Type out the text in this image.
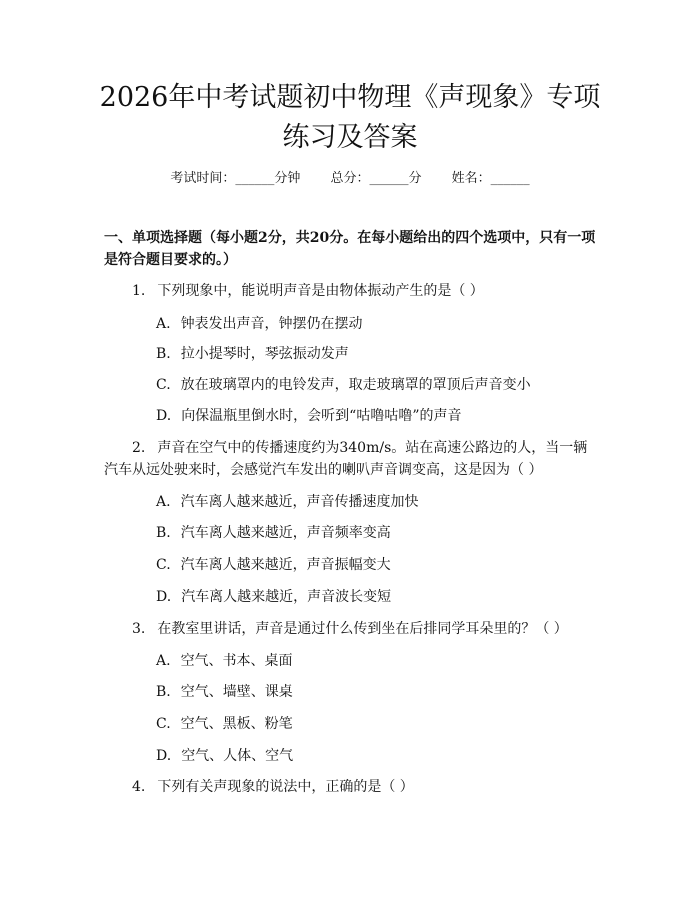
2026年中考试题初中物理《声现象》专项练习及答案
考试时间：______分钟 总分：______分 姓名：______

一、单项选择题（每小题2分，共20分。在每小题给出的四个选项中，只有一项是符合题目要求的。）

1. 下列现象中，能说明声音是由物体振动产生的是（ ）

A. 钟表发出声音，钟摆仍在摆动

B. 拉小提琴时，琴弦振动发声

C. 放在玻璃罩内的电铃发声，取走玻璃罩的罩顶后声音变小

D. 向保温瓶里倒水时，会听到“咕噜咕噜”的声音

2. 声音在空气中的传播速度约为340m/s。站在高速公路边的人，当一辆汽车从远处驶来时，会感觉汽车发出的喇叭声音调变高，这是因为（ ）

A. 汽车离人越来越近，声音传播速度加快

B. 汽车离人越来越近，声音频率变高

C. 汽车离人越来越近，声音振幅变大

D. 汽车离人越来越近，声音波长变短

3. 在教室里讲话，声音是通过什么传到坐在后排同学耳朵里的？（ ）

A. 空气、书本、桌面

B. 空气、墙壁、课桌

C. 空气、黑板、粉笔

D. 空气、人体、空气

4. 下列有关声现象的说法中，正确的是（ ）
